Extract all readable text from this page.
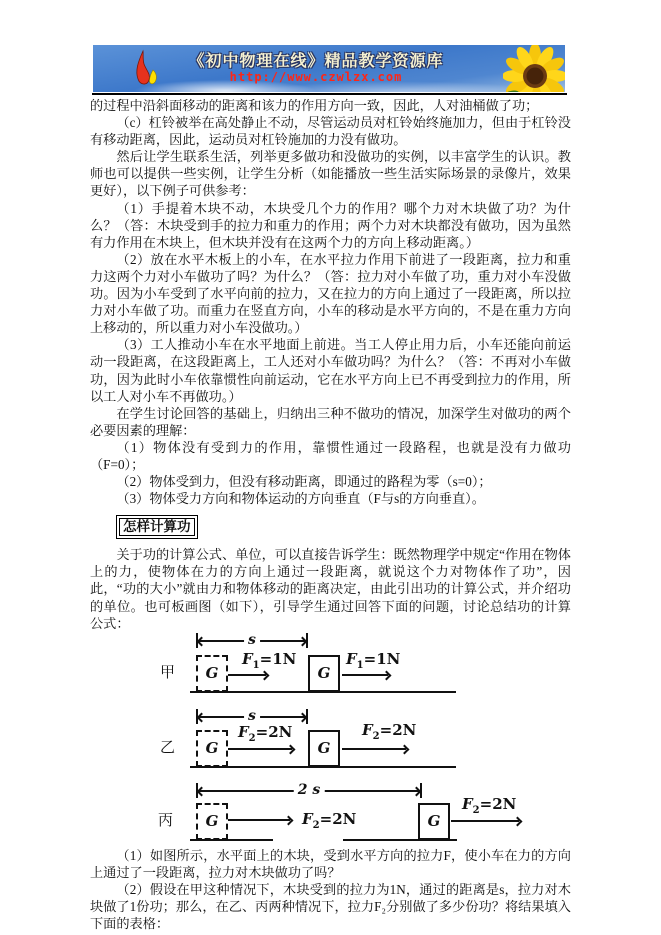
《初中物理在线》精品教学资源库
http://www.czwlzx.com

的过程中沿斜面移动的距离和该力的作用方向一致，因此，人对油桶做了功；

（c）杠铃被举在高处静止不动，尽管运动员对杠铃始终施加力，但由于杠铃没有移动距离，因此，运动员对杠铃施加的力没有做功。

然后让学生联系生活，列举更多做功和没做功的实例，以丰富学生的认识。教师也可以提供一些实例，让学生分析（如能播放一些生活实际场景的录像片，效果更好），以下例子可供参考：

（1）手提着木块不动，木块受几个力的作用？哪个力对木块做了功？为什么？（答：木块受到手的拉力和重力的作用；两个力对木块都没有做功，因为虽然有力作用在木块上，但木块并没有在这两个力的方向上移动距离。）

（2）放在水平木板上的小车，在水平拉力作用下前进了一段距离，拉力和重力这两个力对小车做功了吗？为什么？（答：拉力对小车做了功，重力对小车没做功。因为小车受到了水平向前的拉力，又在拉力的方向上通过了一段距离，所以拉力对小车做了功。而重力在竖直方向，小车的移动是水平方向的，不是在重力方向上移动的，所以重力对小车没做功。）

（3）工人推动小车在水平地面上前进。当工人停止用力后，小车还能向前运动一段距离，在这段距离上，工人还对小车做功吗？为什么？（答：不再对小车做功，因为此时小车依靠惯性向前运动，它在水平方向上已不再受到拉力的作用，所以工人对小车不再做功。）

在学生讨论回答的基础上，归纳出三种不做功的情况，加深学生对做功的两个必要因素的理解：

（1）物体没有受到力的作用，靠惯性通过一段路程，也就是没有力做功（F=0）；

（2）物体受到力，但没有移动距离，即通过的路程为零（s=0）；

（3）物体受力方向和物体运动的方向垂直（F与s的方向垂直）。

怎样计算功

关于功的计算公式、单位，可以直接告诉学生：既然物理学中规定“作用在物体上的力，使物体在力的方向上通过一段距离，就说这个力对物体作了功”，因此，“功的大小”就由力和物体移动的距离决定，由此引出功的计算公式，并介绍功的单位。也可板画图（如下），引导学生通过回答下面的问题，讨论总结功的计算公式：

甲
s
G
$F_1=1N$
G
$F_1=1N$
乙
s
G
$F_2=2N$
G
$F_2=2N$
丙
2 s
G	$F_2=2N$	G
$F_2=2N$

（1）如图所示，水平面上的木块，受到水平方向的拉力F，使小车在力的方向上通过了一段距离，拉力对木块做功了吗？

（2）假设在甲这种情况下，木块受到的拉力为1N，通过的距离是s，拉力对木块做了1份功；那么，在乙、丙两种情况下，拉力F₂分别做了多少份功？将结果填入下面的表格：
